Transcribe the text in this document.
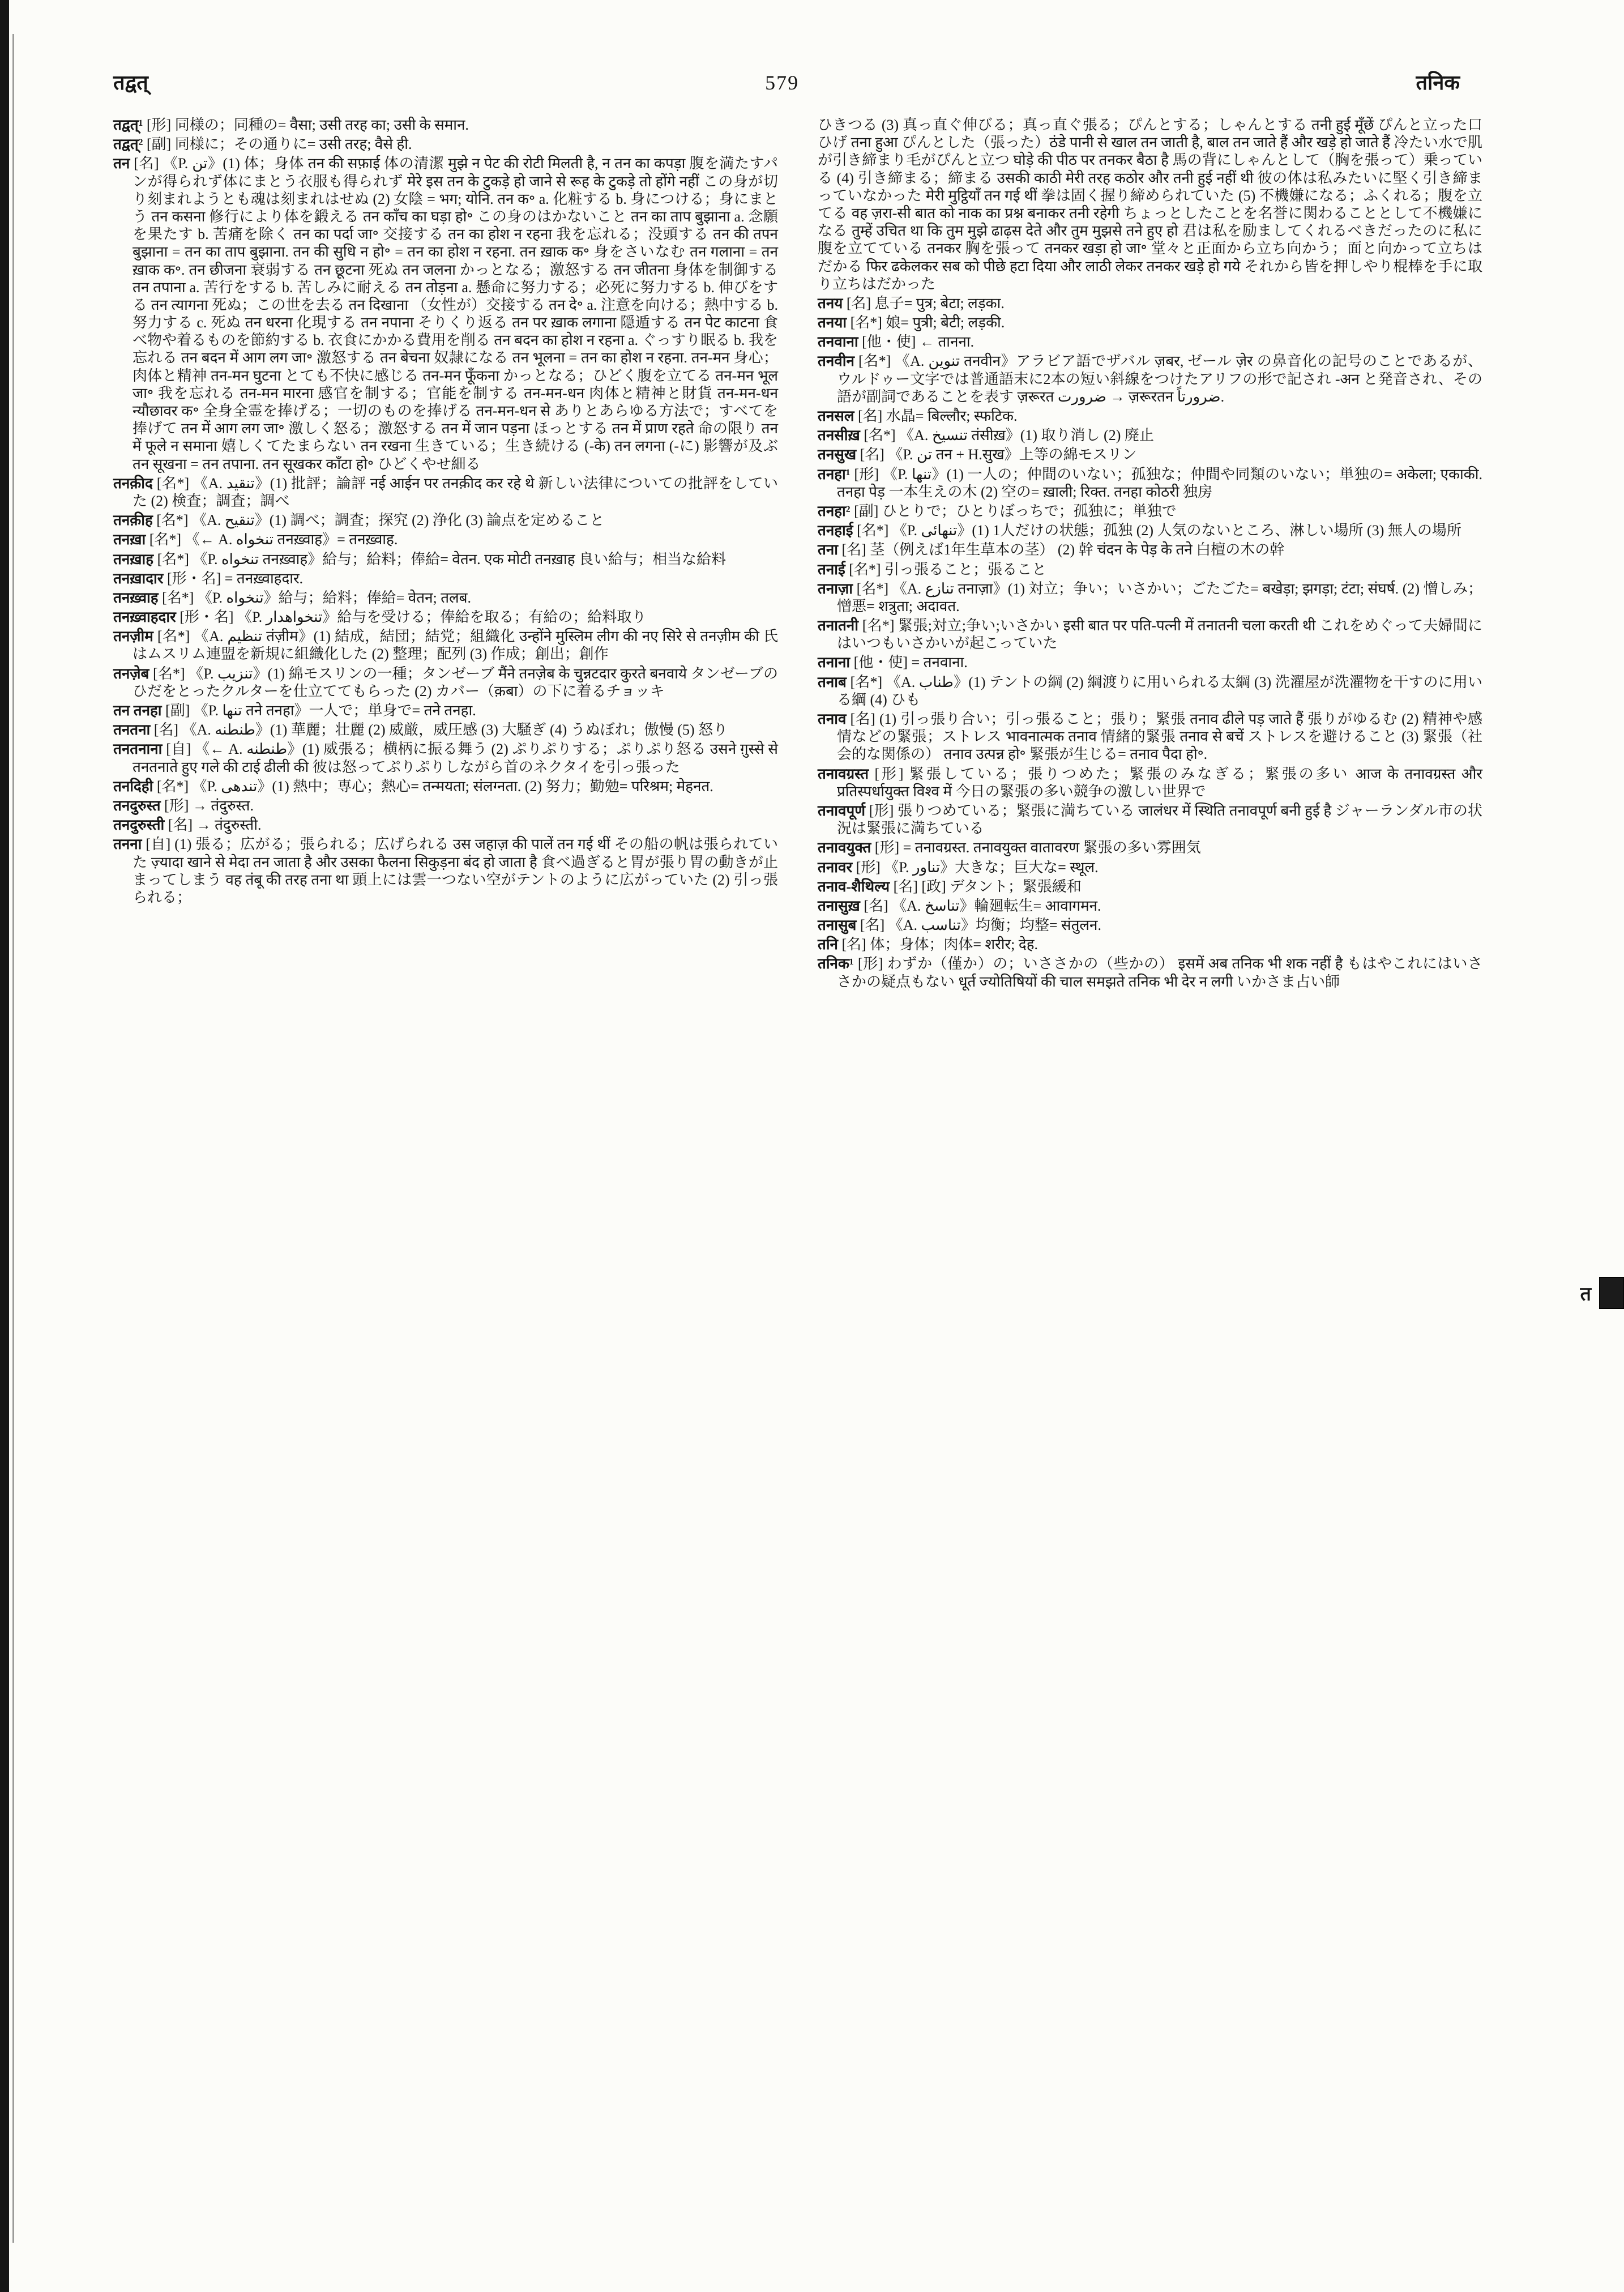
तद्वत्	579	तनिक

तद्वत्¹ [形] 同様の；同種の= वैसा; उसी तरह का; उसी के समान.

तद्वत्² [副] 同様に；その通りに= उसी तरह; वैसे ही.

तन [名] 《P. تن》(1) 体；身体 तन की सफ़ाई 体の清潔 मुझे न पेट की रोटी मिलती है, न तन का कपड़ा 腹を満たすパンが得られず体にまとう衣服も得られず मेरे इस तन के टुकड़े हो जाने से रूह के टुकड़े तो होंगे नहीं この身が切り刻まれようとも魂は刻まれはせぬ (2) 女陰 = भग; योनि. तन क॰ a. 化粧する b. 身につける；身にまとう तन कसना 修行により体を鍛える तन काँच का घड़ा हो॰ この身のはかないこと तन का ताप बुझाना a. 念願を果たす b. 苦痛を除く तन का पर्दा जा॰ 交接する तन का होश न रहना 我を忘れる；没頭する तन की तपन बुझाना = तन का ताप बुझाना. तन की सुधि न हो॰ = तन का होश न रहना. तन ख़ाक क॰ 身をさいなむ तन गलाना = तन ख़ाक क॰. तन छीजना 衰弱する तन छूटना 死ぬ तन जलना かっとなる；激怒する तन जीतना 身体を制御する तन तपाना a. 苦行をする b. 苦しみに耐える तन तोड़ना a. 懸命に努力する；必死に努力する b. 伸びをする तन त्यागना 死ぬ；この世を去る तन दिखाना （女性が）交接する तन दे॰ a. 注意を向ける；熱中する b. 努力する c. 死ぬ तन धरना 化現する तन नपाना そりくり返る तन पर ख़ाक लगाना 隠遁する तन पेट काटना 食べ物や着るものを節約する b. 衣食にかかる費用を削る तन बदन का होश न रहना a. ぐっすり眠る b. 我を忘れる तन बदन में आग लग जा॰ 激怒する तन बेचना 奴隷になる तन भूलना = तन का होश न रहना. तन-मन 身心；肉体と精神 तन-मन घुटना とても不快に感じる तन-मन फूँकना かっとなる；ひどく腹を立てる तन-मन भूल जा॰ 我を忘れる तन-मन मारना 感官を制する；官能を制する तन-मन-धन 肉体と精神と財貨 तन-मन-धन न्यौछावर क॰ 全身全霊を捧げる；一切のものを捧げる तन-मन-धन से ありとあらゆる方法で；すべてを捧げて तन में आग लग जा॰ 激しく怒る；激怒する तन में जान पड़ना ほっとする तन में प्राण रहते 命の限り तन में फूले न समाना 嬉しくてたまらない तन रखना 生きている；生き続ける (-के) तन लगना (-に) 影響が及ぶ तन सूखना = तन तपाना. तन सूखकर काँटा हो॰ ひどくやせ細る

तनक़ीद [名*] 《A. تنقيد》(1) 批評；論評 नई आईन पर तनक़ीद कर रहे थे 新しい法律についての批評をしていた (2) 検査；調査；調べ

तनक़ीह [名*] 《A. تنقيح》(1) 調べ；調査；探究 (2) 浄化 (3) 論点を定めること

तनख़ा [名*] 《← A. تنخواه तनख़्वाह》= तनख़्वाह.

तनख़ाह [名*] 《P. تنخواه तनख़्वाह》給与；給料；俸給= वेतन. एक मोटी तनख़ाह 良い給与；相当な給料

तनख़ादार [形・名] = तनख़्वाहदार.

तनख़्वाह [名*] 《P. تنخواه》給与；給料；俸給= वेतन; तलब.

तनख़्वाहदार [形・名] 《P. تنخواهدار》給与を受ける；俸給を取る；有給の；給料取り

तनज़ीम [名*] 《A. تنظيم तंज़ीम》(1) 結成，結団；結党；組織化 उन्होंने मुस्लिम लीग की नए सिरे से तनज़ीम की 氏はムスリム連盟を新規に組織化した (2) 整理；配列 (3) 作成；創出；創作

तनज़ेब [名*] 《P. تنزيب》(1) 綿モスリンの一種；タンゼーブ मैंने तनज़ेब के चुन्नटदार कुरते बनवाये タンゼーブのひだをとったクルターを仕立ててもらった (2) カバー（क़बा）の下に着るチョッキ

तन तनहा [副] 《P. تنها तने तनहा》一人で；単身で= तने तनहा.

तनतना [名] 《A. طنطنه》(1) 華麗；壮麗 (2) 威厳，威圧感 (3) 大騒ぎ (4) うぬぼれ；傲慢 (5) 怒り

तनतनाना [自] 《← A. طنطنه》(1) 威張る；横柄に振る舞う (2) ぷりぷりする；ぷりぷり怒る उसने ग़ुस्से से तनतनाते हुए गले की टाई ढीली की 彼は怒ってぷりぷりしながら首のネクタイを引っ張った

तनदिही [名*] 《P. تندهی》(1) 熱中；専心；熱心= तन्मयता; संलग्नता. (2) 努力；勤勉= परिश्रम; मेहनत.

तनदुरुस्त [形] → तंदुरुस्त.

तनदुरुस्ती [名] → तंदुरुस्ती.

तनना [自] (1) 張る；広がる；張られる；広げられる उस जहाज़ की पालें तन गई थीं その船の帆は張られていた ज़्यादा खाने से मेदा तन जाता है और उसका फैलना सिकुड़ना बंद हो जाता है 食べ過ぎると胃が張り胃の動きが止まってしまう वह तंबू की तरह तना था 頭上には雲一つない空がテントのように広がっていた (2) 引っ張られる；

ひきつる (3) 真っ直ぐ伸びる；真っ直ぐ張る；ぴんとする；しゃんとする तनी हुई मूँछें ぴんと立った口ひげ तना हुआ ぴんとした（張った）ठंडे पानी से खाल तन जाती है, बाल तन जाते हैं और खड़े हो जाते हैं 冷たい水で肌が引き締まり毛がぴんと立つ घोड़े की पीठ पर तनकर बैठा है 馬の背にしゃんとして（胸を張って）乗っている (4) 引き締まる；締まる उसकी काठी मेरी तरह कठोर और तनी हुई नहीं थी 彼の体は私みたいに堅く引き締まっていなかった मेरी मुट्ठियाँ तन गई थीं 拳は固く握り締められていた (5) 不機嫌になる；ふくれる；腹を立てる वह ज़रा-सी बात को नाक का प्रश्न बनाकर तनी रहेगी ちょっとしたことを名誉に関わることとして不機嫌になる तुम्हें उचित था कि तुम मुझे ढाढ़स देते और तुम मुझसे तने हुए हो 君は私を励ましてくれるべきだったのに私に腹を立てている तनकर 胸を張って तनकर खड़ा हो जा॰ 堂々と正面から立ち向かう；面と向かって立ちはだかる फिर ढकेलकर सब को पीछे हटा दिया और लाठी लेकर तनकर खड़े हो गये それから皆を押しやり棍棒を手に取り立ちはだかった

तनय [名] 息子= पुत्र; बेटा; लड़का.

तनया [名*] 娘= पुत्री; बेटी; लड़की.

तनवाना [他・使] ← तानना.

तनवीन [名*] 《A. تنوين तनवीन》アラビア語でザバル ज़बर, ゼール ज़ेर の鼻音化の記号のことであるが、ウルドゥー文字では普通語末に2本の短い斜線をつけたアリフの形で記され -अन と発音され、その語が副詞であることを表す ज़रूरत ضرورت → ज़रूरतन ضرورتاً.

तनसल [名] 水晶= बिल्लौर; स्फटिक.

तनसीख़ [名*] 《A. تنسيخ तंसीख़》(1) 取り消し (2) 廃止

तनसुख [名] 《P. تن तन + H.सुख》上等の綿モスリン

तनहा¹ [形] 《P. تنها》(1) 一人の；仲間のいない；孤独な；仲間や同類のいない；単独の= अकेला; एकाकी. तनहा पेड़ 一本生えの木 (2) 空の= ख़ाली; रिक्त. तनहा कोठरी 独房

तनहा² [副] ひとりで；ひとりぼっちで；孤独に；単独で

तनहाई [名*] 《P. تنهائی》(1) 1人だけの状態；孤独 (2) 人気のないところ、淋しい場所 (3) 無人の場所

तना [名] 茎（例えば1年生草本の茎） (2) 幹 चंदन के पेड़ के तने 白檀の木の幹

तनाई [名*] 引っ張ること；張ること

तनाज़ा [名*] 《A. تنازع तनाज़ा》(1) 対立；争い；いさかい；ごたごた= बखेड़ा; झगड़ा; टंटा; संघर्ष. (2) 憎しみ；憎悪= शत्रुता; अदावत.

तनातनी [名*] 緊張;対立;争い;いさかい इसी बात पर पति-पत्नी में तनातनी चला करती थी これをめぐって夫婦間にはいつもいさかいが起こっていた

तनाना [他・使] = तनवाना.

तनाब [名*] 《A. طناب》(1) テントの綱 (2) 綱渡りに用いられる太綱 (3) 洗濯屋が洗濯物を干すのに用いる綱 (4) ひも

तनाव [名] (1) 引っ張り合い；引っ張ること；張り；緊張 तनाव ढीले पड़ जाते हैं 張りがゆるむ (2) 精神や感情などの緊張；ストレス भावनात्मक तनाव 情緒的緊張 तनाव से बचें ストレスを避けること (3) 緊張（社会的な関係の） तनाव उत्पन्न हो॰ 緊張が生じる= तनाव पैदा हो॰.

तनावग्रस्त [形] 緊張している；張りつめた；緊張のみなぎる；緊張の多い आज के तनावग्रस्त और प्रतिस्पर्धायुक्त विश्व में 今日の緊張の多い競争の激しい世界で

तनावपूर्ण [形] 張りつめている；緊張に満ちている जालंधर में स्थिति तनावपूर्ण बनी हुई है ジャーランダル市の状況は緊張に満ちている

तनावयुक्त [形] = तनावग्रस्त. तनावयुक्त वातावरण 緊張の多い雰囲気

तनावर [形] 《P. تناور》大きな；巨大な= स्थूल.

तनाव-शैथिल्य [名] [政] デタント；緊張緩和

तनासुख़ [名] 《A. تناسخ》輪廻転生= आवागमन.

तनासुब [名] 《A. تناسب》均衡；均整= संतुलन.

तनि [名] 体；身体；肉体= शरीर; देह.

तनिक¹ [形] わずか（僅か）の；いささかの（些かの） इसमें अब तनिक भी शक नहीं है もはやこれにはいささかの疑点もない धूर्त ज्योतिषियों की चाल समझते तनिक भी देर न लगी いかさま占い師

त
